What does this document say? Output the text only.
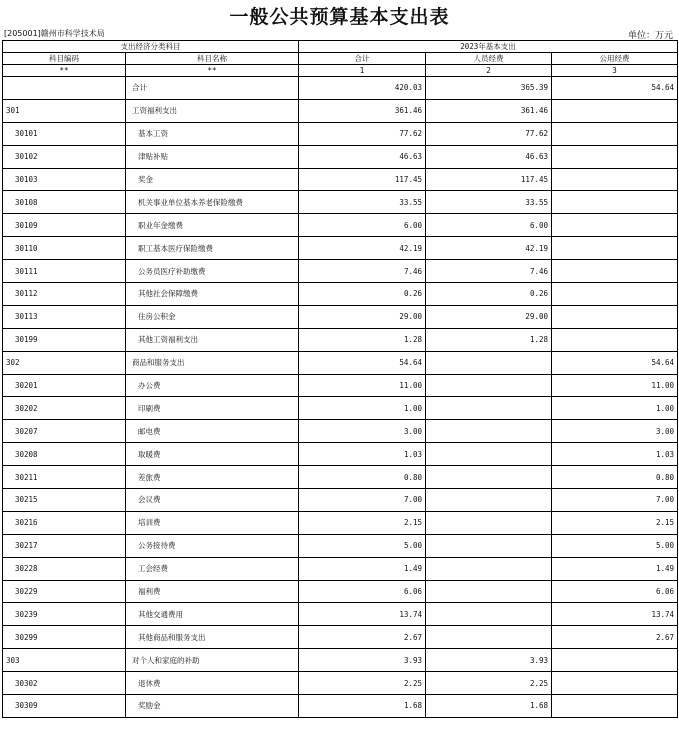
一般公共预算基本支出表
[205001]赣州市科学技术局	单位：万元
支出经济分类科目		2023年基本支出		
科目编码	科目名称	合计	人员经费	公用经费
**	**	1	2	3
	合计	420.03	365.39	54.64
301	工资福利支出	361.46	361.46	
30101	基本工资	77.62	77.62	
30102	津贴补贴	46.63	46.63	
30103	奖金	117.45	117.45	
30108	机关事业单位基本养老保险缴费	33.55	33.55	
30109	职业年金缴费	6.00	6.00	
30110	职工基本医疗保险缴费	42.19	42.19	
30111	公务员医疗补助缴费	7.46	7.46	
30112	其他社会保障缴费	0.26	0.26	
30113	住房公积金	29.00	29.00	
30199	其他工资福利支出	1.28	1.28	
302	商品和服务支出	54.64		54.64
30201	办公费	11.00		11.00
30202	印刷费	1.00		1.00
30207	邮电费	3.00		3.00
30208	取暖费	1.03		1.03
30211	差旅费	0.80		0.80
30215	会议费	7.00		7.00
30216	培训费	2.15		2.15
30217	公务接待费	5.00		5.00
30228	工会经费	1.49		1.49
30229	福利费	6.06		6.06
30239	其他交通费用	13.74		13.74
30299	其他商品和服务支出	2.67		2.67
303	对个人和家庭的补助	3.93	3.93	
30302	退休费	2.25	2.25	
30309	奖励金	1.68	1.68	
